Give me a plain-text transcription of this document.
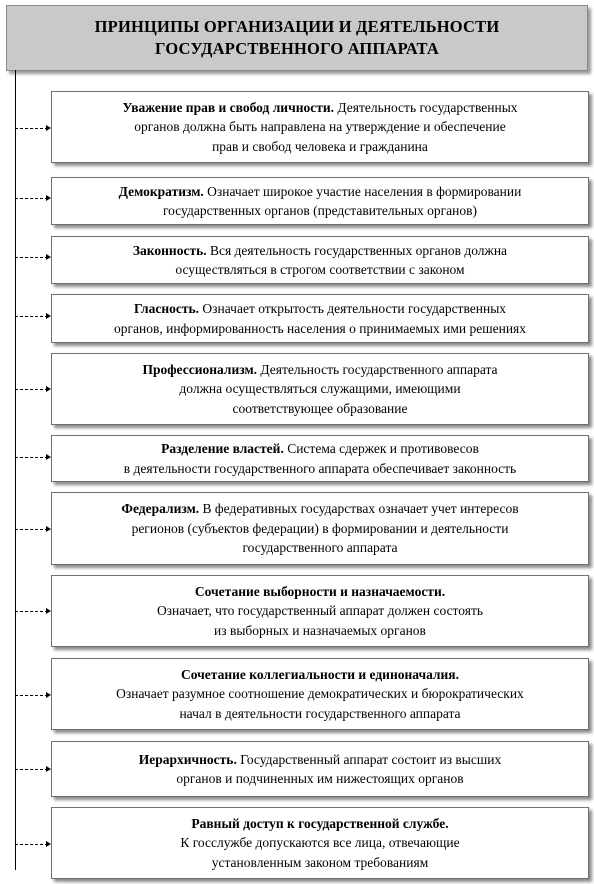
ПРИНЦИПЫ ОРГАНИЗАЦИИ И ДЕЯТЕЛЬНОСТИ
ГОСУДАРСТВЕННОГО АППАРАТА
Уважение прав и свобод личности. Деятельность государственных
органов должна быть направлена на утверждение и обеспечение
прав и свобод человека и гражданина
Демократизм. Означает широкое участие населения в формировании
государственных органов (представительных органов)
Законность. Вся деятельность государственных органов должна
осуществляться в строгом соответствии с законом
Гласность. Означает открытость деятельности государственных
органов, информированность населения о принимаемых ими решениях
Профессионализм. Деятельность государственного аппарата
должна осуществляться служащими, имеющими
соответствующее образование
Разделение властей. Система сдержек и противовесов
в деятельности государственного аппарата обеспечивает законность
Федерализм. В федеративных государствах означает учет интересов
регионов (субъектов федерации) в формировании и деятельности
государственного аппарата
Сочетание выборности и назначаемости.
Означает, что государственный аппарат должен состоять
из выборных и назначаемых органов
Сочетание коллегиальности и единоначалия.
Означает разумное соотношение демократических и бюрократических
начал в деятельности государственного аппарата
Иерархичность. Государственный аппарат состоит из высших
органов и подчиненных им нижестоящих органов
Равный доступ к государственной службе.
К госслужбе допускаются все лица, отвечающие
установленным законом требованиям
